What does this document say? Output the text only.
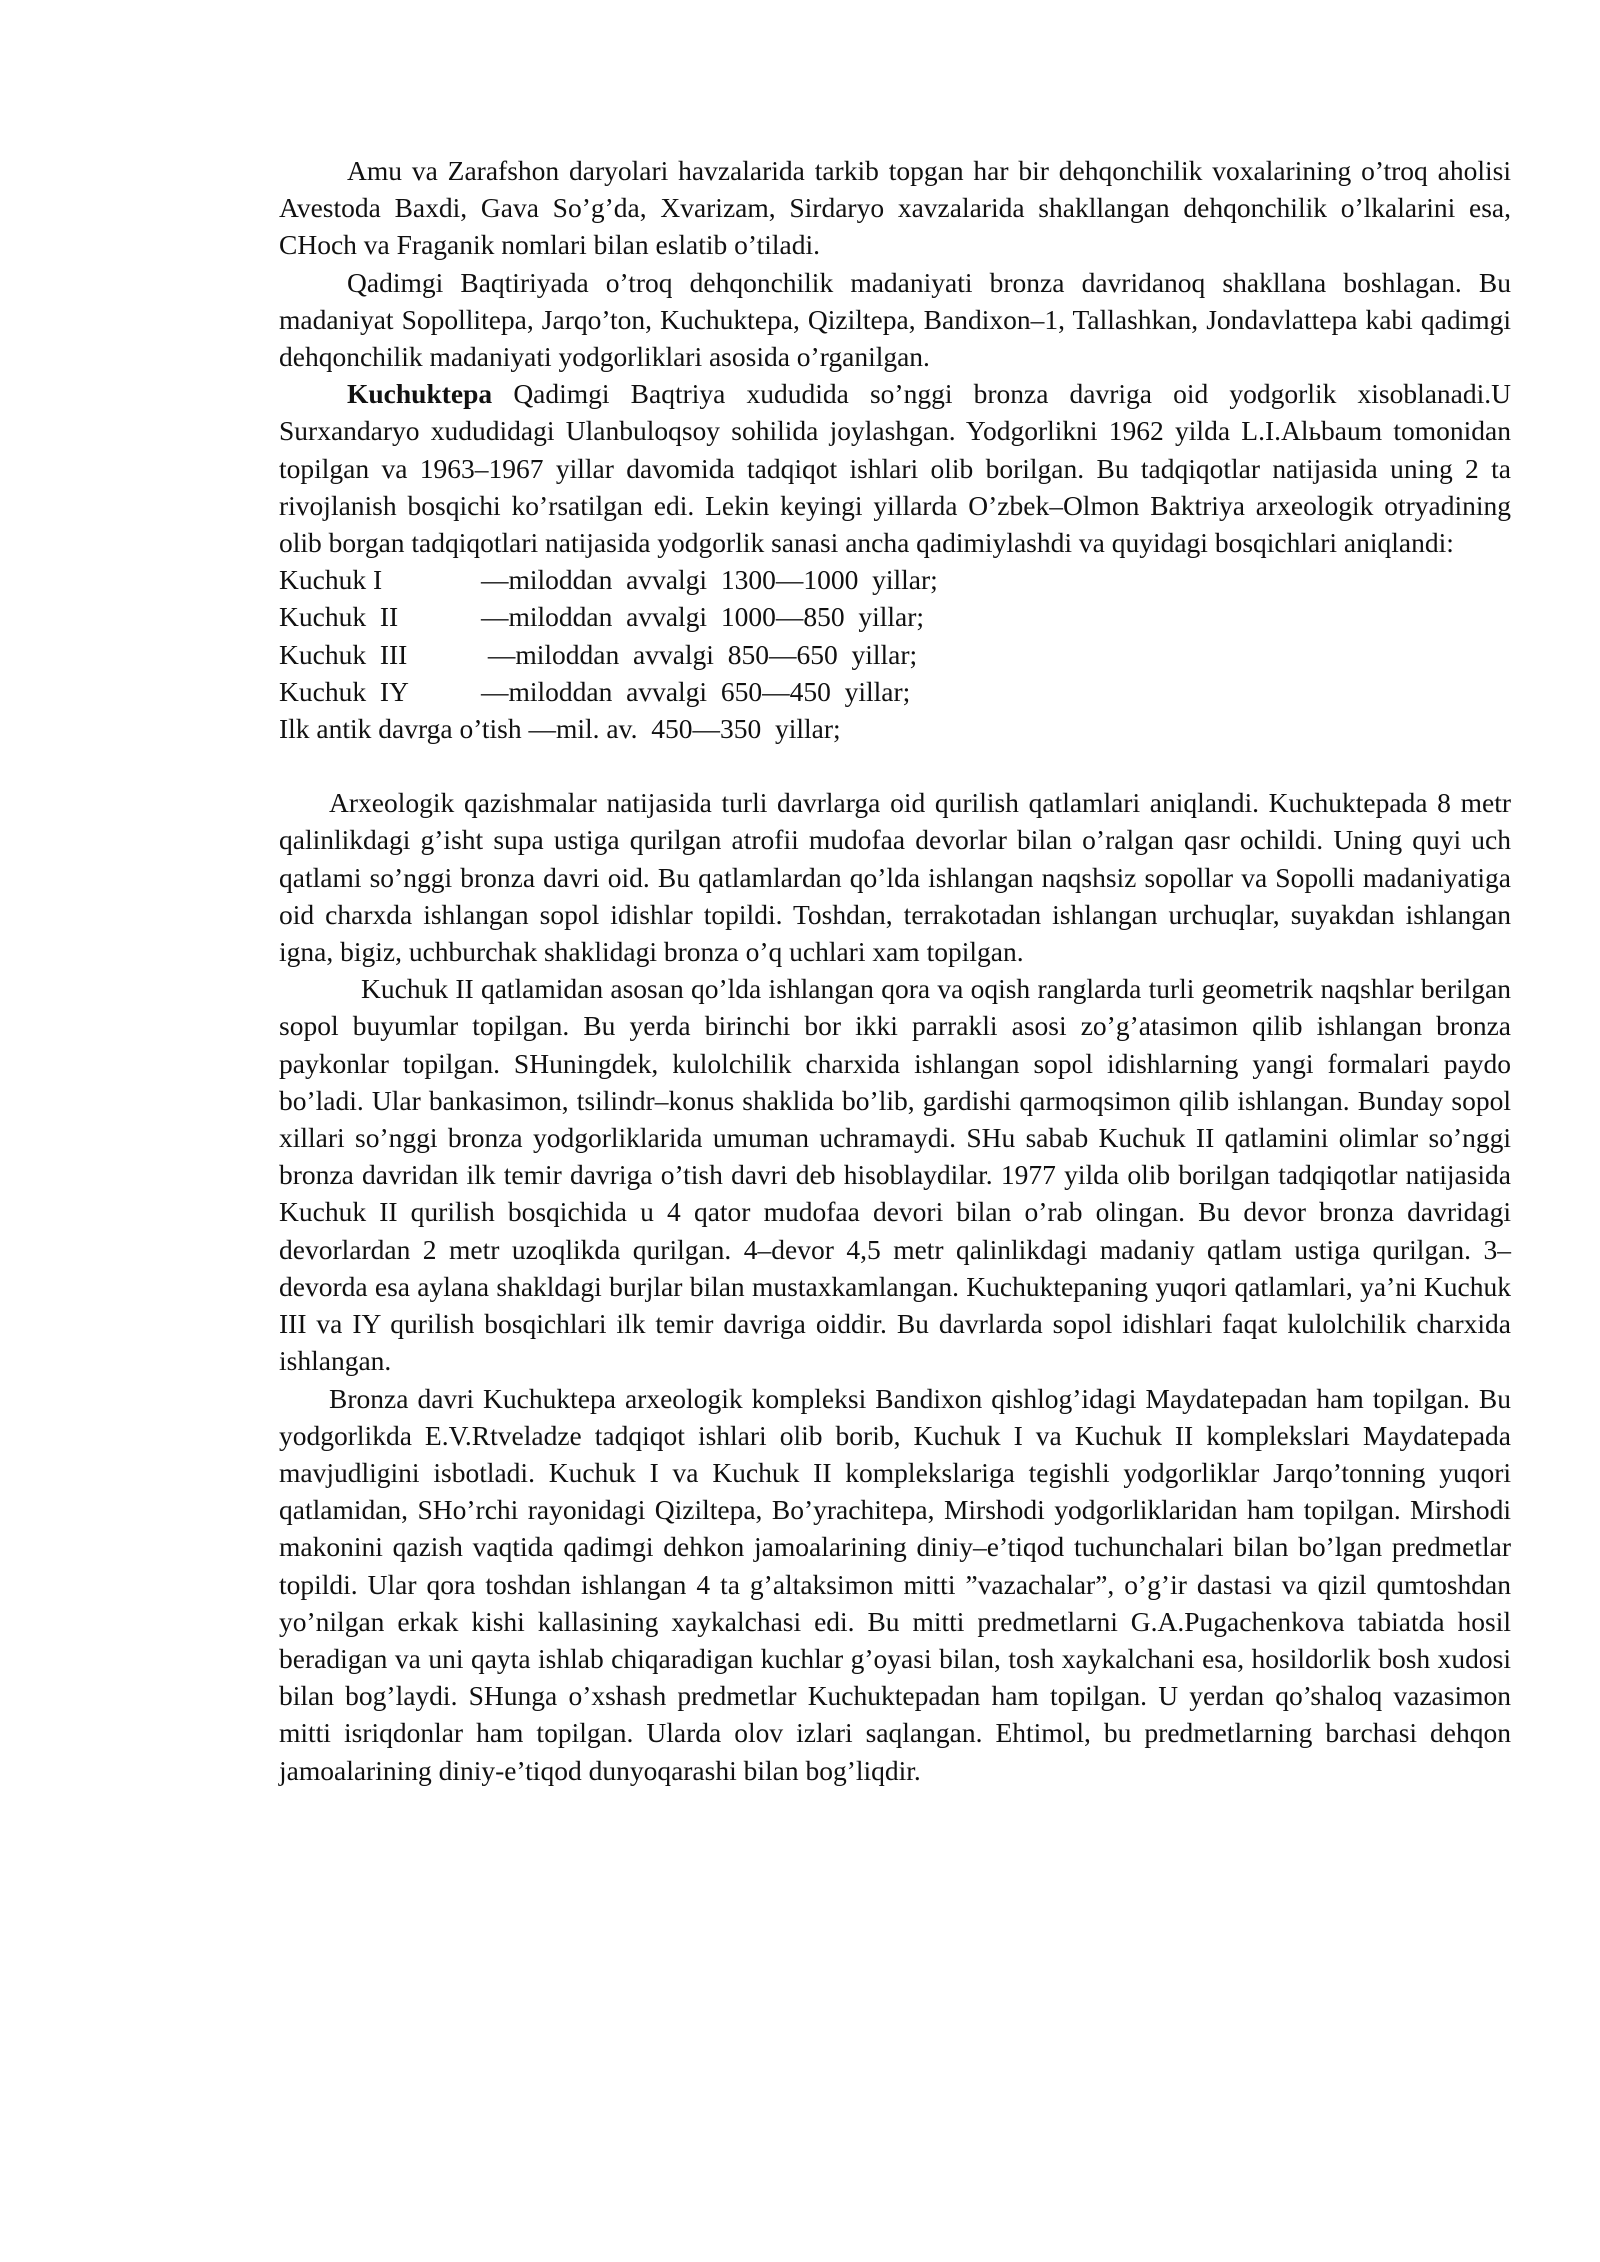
Amu va Zarafshon daryolari havzalarida tarkib topgan har bir dehqonchilik voxalarining o’troq aholisi Avestoda Baxdi, Gava So’g’da, Xvarizam, Sirdaryo xavzalarida shakllangan dehqonchilik o’lkalarini esa, CHoch va Fraganik nomlari bilan eslatib o’tiladi.

Qadimgi Baqtiriyada o’troq dehqonchilik madaniyati bronza davridanoq shakllana boshlagan. Bu madaniyat Sopollitepa, Jarqo’ton, Kuchuktepa, Qiziltepa, Bandixon–1, Tallashkan, Jondavlattepa kabi qadimgi dehqonchilik madaniyati yodgorliklari asosida o’rganilgan.

Kuchuktepa Qadimgi Baqtriya xududida so’nggi bronza davriga oid yodgorlik xisoblanadi.U Surxandaryo xududidagi Ulanbuloqsoy sohilida joylashgan. Yodgorlikni 1962 yilda L.I.Alьbaum tomonidan topilgan va 1963–1967 yillar davomida tadqiqot ishlari olib borilgan. Bu tadqiqotlar natijasida uning 2 ta rivojlanish bosqichi ko’rsatilgan edi. Lekin keyingi yillarda O’zbek–Olmon Baktriya arxeologik otryadining olib borgan tadqiqotlari natijasida yodgorlik sanasi ancha qadimiylashdi va quyidagi bosqichlari aniqlandi:

Kuchuk I	—miloddan  avvalgi  1300—1000  yillar;
Kuchuk  II	—miloddan  avvalgi  1000—850  yillar;
Kuchuk  III	—miloddan  avvalgi  850—650  yillar;
Kuchuk  IY	—miloddan  avvalgi  650—450  yillar;
Ilk antik davrga o’tish —mil. av.  450—350  yillar;

Arxeologik qazishmalar natijasida turli davrlarga oid qurilish qatlamlari aniqlandi. Kuchuktepada 8 metr qalinlikdagi g’isht supa ustiga qurilgan atrofii mudofaa devorlar bilan o’ralgan qasr ochildi. Uning quyi uch qatlami so’nggi bronza davri oid. Bu qatlamlardan qo’lda ishlangan naqshsiz sopollar va Sopolli madaniyatiga oid charxda ishlangan sopol idishlar topildi. Toshdan, terrakotadan ishlangan urchuqlar, suyakdan ishlangan igna, bigiz, uchburchak shaklidagi bronza o’q uchlari xam topilgan.

Kuchuk II qatlamidan asosan qo’lda ishlangan qora va oqish ranglarda turli geometrik naqshlar berilgan sopol buyumlar topilgan. Bu yerda birinchi bor ikki parrakli asosi zo’g’atasimon qilib ishlangan bronza paykonlar topilgan. SHuningdek, kulolchilik charxida ishlangan sopol idishlarning yangi formalari paydo bo’ladi. Ular bankasimon, tsilindr–konus shaklida bo’lib, gardishi qarmoqsimon qilib ishlangan. Bunday sopol xillari so’nggi bronza yodgorliklarida umuman uchramaydi. SHu sabab Kuchuk II qatlamini olimlar so’nggi bronza davridan ilk temir davriga o’tish davri deb hisoblaydilar. 1977 yilda olib borilgan tadqiqotlar natijasida Kuchuk II qurilish bosqichida u 4 qator mudofaa devori bilan o’rab olingan. Bu devor bronza davridagi devorlardan 2 metr uzoqlikda qurilgan. 4–devor 4,5 metr qalinlikdagi madaniy qatlam ustiga qurilgan. 3–devorda esa aylana shakldagi burjlar bilan mustaxkamlangan. Kuchuktepaning yuqori qatlamlari, ya’ni Kuchuk III va IY qurilish bosqichlari ilk temir davriga oiddir. Bu davrlarda sopol idishlari faqat kulolchilik charxida ishlangan.

Bronza davri Kuchuktepa arxeologik kompleksi Bandixon qishlog’idagi Maydatepadan ham topilgan. Bu yodgorlikda E.V.Rtveladze tadqiqot ishlari olib borib, Kuchuk I va Kuchuk II komplekslari Maydatepada mavjudligini isbotladi. Kuchuk I va Kuchuk II komplekslariga tegishli yodgorliklar Jarqo’tonning yuqori qatlamidan, SHo’rchi rayonidagi Qiziltepa, Bo’yrachitepa, Mirshodi yodgorliklaridan ham topilgan. Mirshodi makonini qazish vaqtida qadimgi dehkon jamoalarining diniy–e’tiqod tuchunchalari bilan bo’lgan predmetlar topildi. Ular qora toshdan ishlangan 4 ta g’altaksimon mitti ”vazachalar”, o’g’ir dastasi va qizil qumtoshdan yo’nilgan erkak kishi kallasining xaykalchasi edi. Bu mitti predmetlarni G.A.Pugachenkova tabiatda hosil beradigan va uni qayta ishlab chiqaradigan kuchlar g’oyasi bilan, tosh xaykalchani esa, hosildorlik bosh xudosi bilan bog’laydi. SHunga o’xshash predmetlar Kuchuktepadan ham topilgan. U yerdan qo’shaloq vazasimon mitti isriqdonlar ham topilgan. Ularda olov izlari saqlangan. Ehtimol, bu predmetlarning barchasi dehqon jamoalarining diniy-e’tiqod dunyoqarashi bilan bog’liqdir.
